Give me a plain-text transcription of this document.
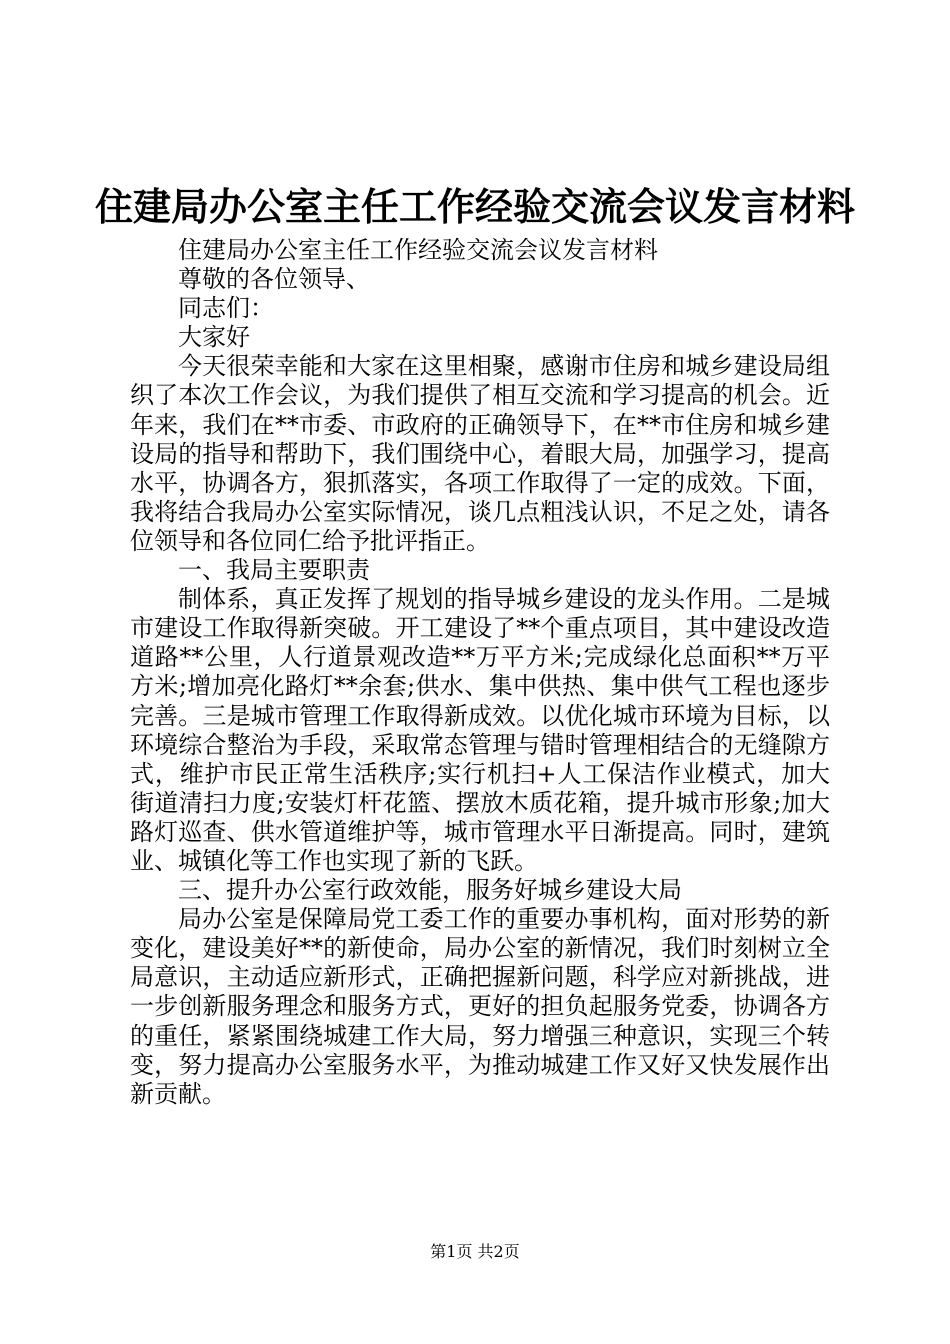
住建局办公室主任工作经验交流会议发言材料

住建局办公室主任工作经验交流会议发言材料

尊敬的各位领导、

同志们：

大家好

今天很荣幸能和大家在这里相聚，感谢市住房和城乡建设局组织了本次工作会议，为我们提供了相互交流和学习提高的机会。近年来，我们在**市委、市政府的正确领导下，在**市住房和城乡建设局的指导和帮助下，我们围绕中心，着眼大局，加强学习，提高水平，协调各方，狠抓落实，各项工作取得了一定的成效。下面，我将结合我局办公室实际情况，谈几点粗浅认识，不足之处，请各位领导和各位同仁给予批评指正。

一、我局主要职责

制体系，真正发挥了规划的指导城乡建设的龙头作用。二是城市建设工作取得新突破。开工建设了**个重点项目，其中建设改造道路**公里，人行道景观改造**万平方米;完成绿化总面积**万平方米;增加亮化路灯**余套;供水、集中供热、集中供气工程也逐步完善。三是城市管理工作取得新成效。以优化城市环境为目标，以环境综合整治为手段，采取常态管理与错时管理相结合的无缝隙方式，维护市民正常生活秩序;实行机扫+人工保洁作业模式，加大街道清扫力度;安装灯杆花篮、摆放木质花箱，提升城市形象;加大路灯巡查、供水管道维护等，城市管理水平日渐提高。同时，建筑业、城镇化等工作也实现了新的飞跃。

三、提升办公室行政效能，服务好城乡建设大局

局办公室是保障局党工委工作的重要办事机构，面对形势的新变化，建设美好**的新使命，局办公室的新情况，我们时刻树立全局意识，主动适应新形式，正确把握新问题，科学应对新挑战，进一步创新服务理念和服务方式，更好的担负起服务党委，协调各方的重任，紧紧围绕城建工作大局，努力增强三种意识，实现三个转变，努力提高办公室服务水平，为推动城建工作又好又快发展作出新贡献。

第1页 共2页
